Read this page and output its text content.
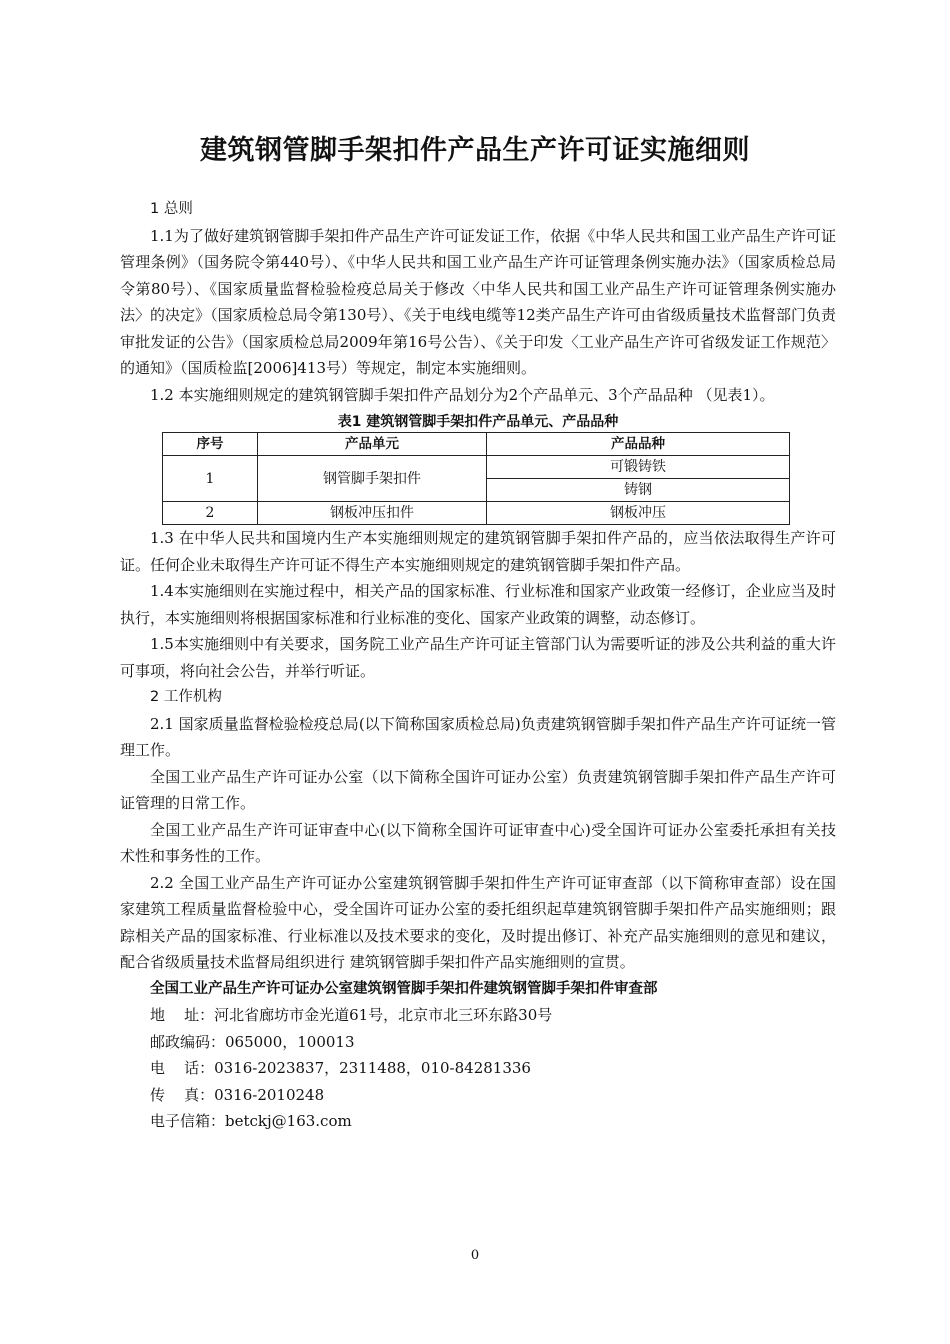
建筑钢管脚手架扣件产品生产许可证实施细则

1 总则

1.1为了做好建筑钢管脚手架扣件产品生产许可证发证工作，依据《中华人民共和国工业产品生产许可证管理条例》（国务院令第440号）、《中华人民共和国工业产品生产许可证管理条例实施办法》（国家质检总局令第80号）、《国家质量监督检验检疫总局关于修改〈中华人民共和国工业产品生产许可证管理条例实施办法〉的决定》（国家质检总局令第130号）、《关于电线电缆等12类产品生产许可由省级质量技术监督部门负责审批发证的公告》（国家质检总局2009年第16号公告）、《关于印发〈工业产品生产许可省级发证工作规范〉的通知》（国质检监[2006]413号）等规定，制定本实施细则。

1.2 本实施细则规定的建筑钢管脚手架扣件产品划分为2个产品单元、3个产品品种 （见表1）。

表1 建筑钢管脚手架扣件产品单元、产品品种
序号	产品单元	产品品种
1	钢管脚手架扣件	可锻铸铁
		铸钢
2	钢板冲压扣件	钢板冲压

1.3 在中华人民共和国境内生产本实施细则规定的建筑钢管脚手架扣件产品的，应当依法取得生产许可证。任何企业未取得生产许可证不得生产本实施细则规定的建筑钢管脚手架扣件产品。

1.4本实施细则在实施过程中，相关产品的国家标准、行业标准和国家产业政策一经修订，企业应当及时执行，本实施细则将根据国家标准和行业标准的变化、国家产业政策的调整，动态修订。

1.5本实施细则中有关要求，国务院工业产品生产许可证主管部门认为需要听证的涉及公共利益的重大许可事项，将向社会公告，并举行听证。

2 工作机构

2.1 国家质量监督检验检疫总局(以下简称国家质检总局)负责建筑钢管脚手架扣件产品生产许可证统一管理工作。

全国工业产品生产许可证办公室（以下简称全国许可证办公室）负责建筑钢管脚手架扣件产品生产许可证管理的日常工作。

全国工业产品生产许可证审查中心(以下简称全国许可证审查中心)受全国许可证办公室委托承担有关技术性和事务性的工作。

2.2 全国工业产品生产许可证办公室建筑钢管脚手架扣件生产许可证审查部（以下简称审查部）设在国家建筑工程质量监督检验中心，受全国许可证办公室的委托组织起草建筑钢管脚手架扣件产品实施细则；跟踪相关产品的国家标准、行业标准以及技术要求的变化，及时提出修订、补充产品实施细则的意见和建议，配合省级质量技术监督局组织进行 建筑钢管脚手架扣件产品实施细则的宣贯。

全国工业产品生产许可证办公室建筑钢管脚手架扣件建筑钢管脚手架扣件审查部

地    址：河北省廊坊市金光道61号，北京市北三环东路30号

邮政编码：065000，100013

电    话：0316-2023837，2311488，010-84281336

传    真：0316-2010248

电子信箱：betckj@163.com

0
